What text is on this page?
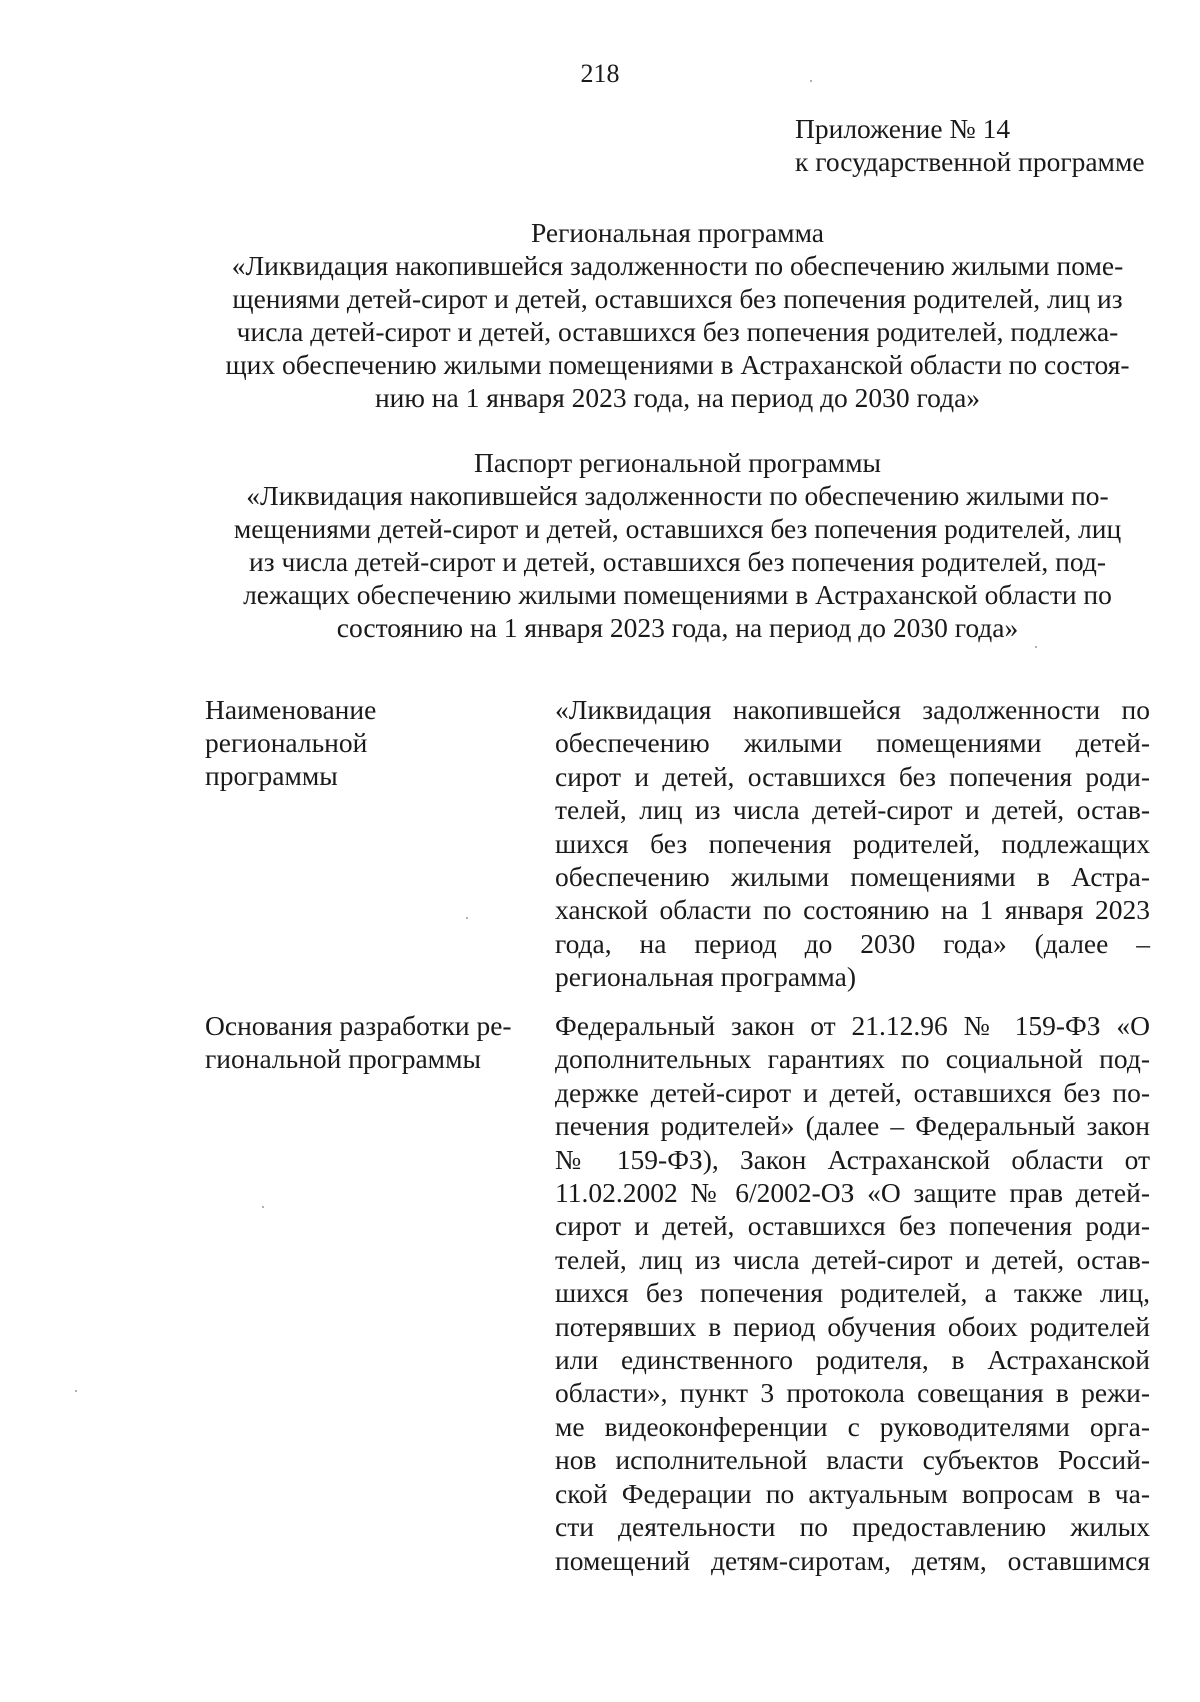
218
Приложение № 14
к государственной программе
Региональная программа
«Ликвидация накопившейся задолженности по обеспечению жилыми поме-
щениями детей-сирот и детей, оставшихся без попечения родителей, лиц из
числа детей-сирот и детей, оставшихся без попечения родителей, подлежа-
щих обеспечению жилыми помещениями в Астраханской области по состоя-
нию на 1 января 2023 года, на период до 2030 года»
Паспорт региональной программы
«Ликвидация накопившейся задолженности по обеспечению жилыми по-
мещениями детей-сирот и детей, оставшихся без попечения родителей, лиц
из числа детей-сирот и детей, оставшихся без попечения родителей, под-
лежащих обеспечению жилыми помещениями в Астраханской области по
состоянию на 1 января 2023 года, на период до 2030 года»
Наименование
региональной
программы
«Ликвидация накопившейся задолженности по
обеспечению жилыми помещениями детей-
сирот и детей, оставшихся без попечения роди-
телей, лиц из числа детей-сирот и детей, остав-
шихся без попечения родителей, подлежащих
обеспечению жилыми помещениями в Астра-
ханской области по состоянию на 1 января 2023
года, на период до 2030 года» (далее –
региональная программа)
Основания разработки ре-
гиональной программы
Федеральный закон от 21.12.96 № 159-ФЗ «О
дополнительных гарантиях по социальной под-
держке детей-сирот и детей, оставшихся без по-
печения родителей» (далее – Федеральный закон
№ 159-ФЗ), Закон Астраханской области от
11.02.2002 № 6/2002-ОЗ «О защите прав детей-
сирот и детей, оставшихся без попечения роди-
телей, лиц из числа детей-сирот и детей, остав-
шихся без попечения родителей, а также лиц,
потерявших в период обучения обоих родителей
или единственного родителя, в Астраханской
области», пункт 3 протокола совещания в режи-
ме видеоконференции с руководителями орга-
нов исполнительной власти субъектов Россий-
ской Федерации по актуальным вопросам в ча-
сти деятельности по предоставлению жилых
помещений детям-сиротам, детям, оставшимся
